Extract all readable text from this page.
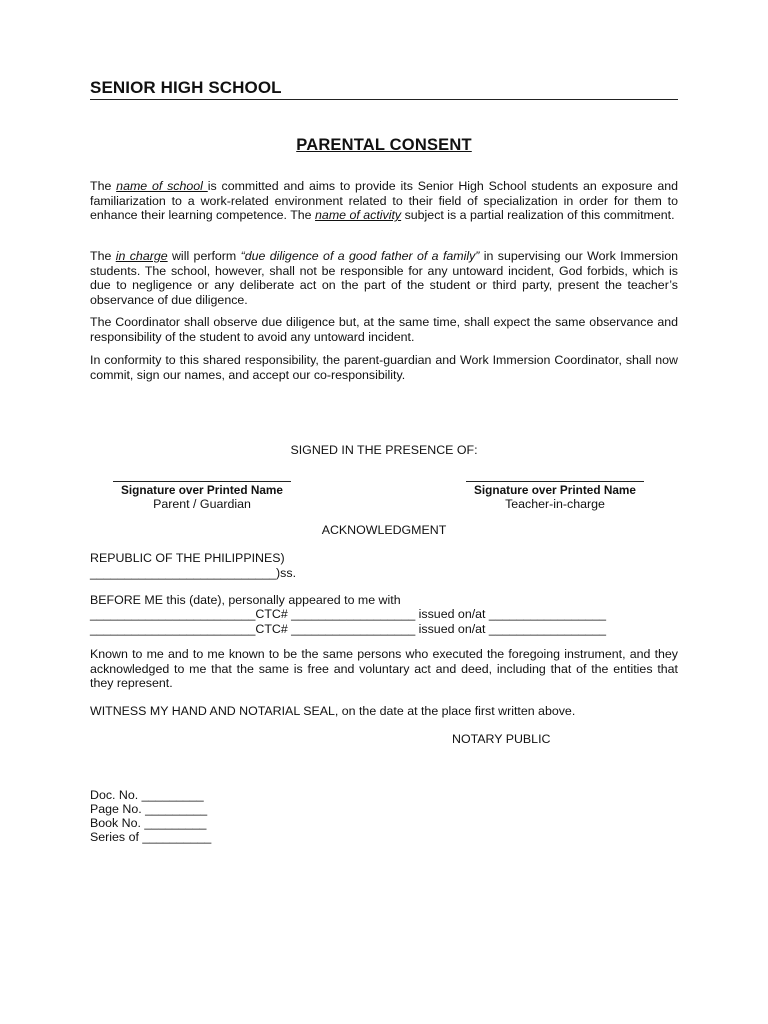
SENIOR HIGH SCHOOL
PARENTAL CONSENT
The name of school is committed and aims to provide its Senior High School students an exposure and familiarization to a work-related environment related to their field of specialization in order for them to enhance their learning competence. The name of activity subject is a partial realization of this commitment.
The in charge will perform “due diligence of a good father of a family” in supervising our Work Immersion students. The school, however, shall not be responsible for any untoward incident, God forbids, which is due to negligence or any deliberate act on the part of the student or third party, present the teacher’s observance of due diligence.
The Coordinator shall observe due diligence but, at the same time, shall expect the same observance and responsibility of the student to avoid any untoward incident.
In conformity to this shared responsibility, the parent-guardian and Work Immersion Coordinator, shall now commit, sign our names, and accept our co-responsibility.
SIGNED IN THE PRESENCE OF:
Signature over Printed Name
Parent / Guardian
Signature over Printed Name
Teacher-in-charge
ACKNOWLEDGMENT
REPUBLIC OF THE PHILIPPINES)
___________________________)ss.
BEFORE ME this (date), personally appeared to me with
________________________CTC# __________________ issued on/at _________________
________________________CTC# __________________ issued on/at _________________
Known to me and to me known to be the same persons who executed the foregoing instrument, and they acknowledged to me that the same is free and voluntary act and deed, including that of the entities that they represent.
WITNESS MY HAND AND NOTARIAL SEAL, on the date at the place first written above.
NOTARY PUBLIC
Doc. No. _________
Page No. _________
Book No. _________
Series of __________
